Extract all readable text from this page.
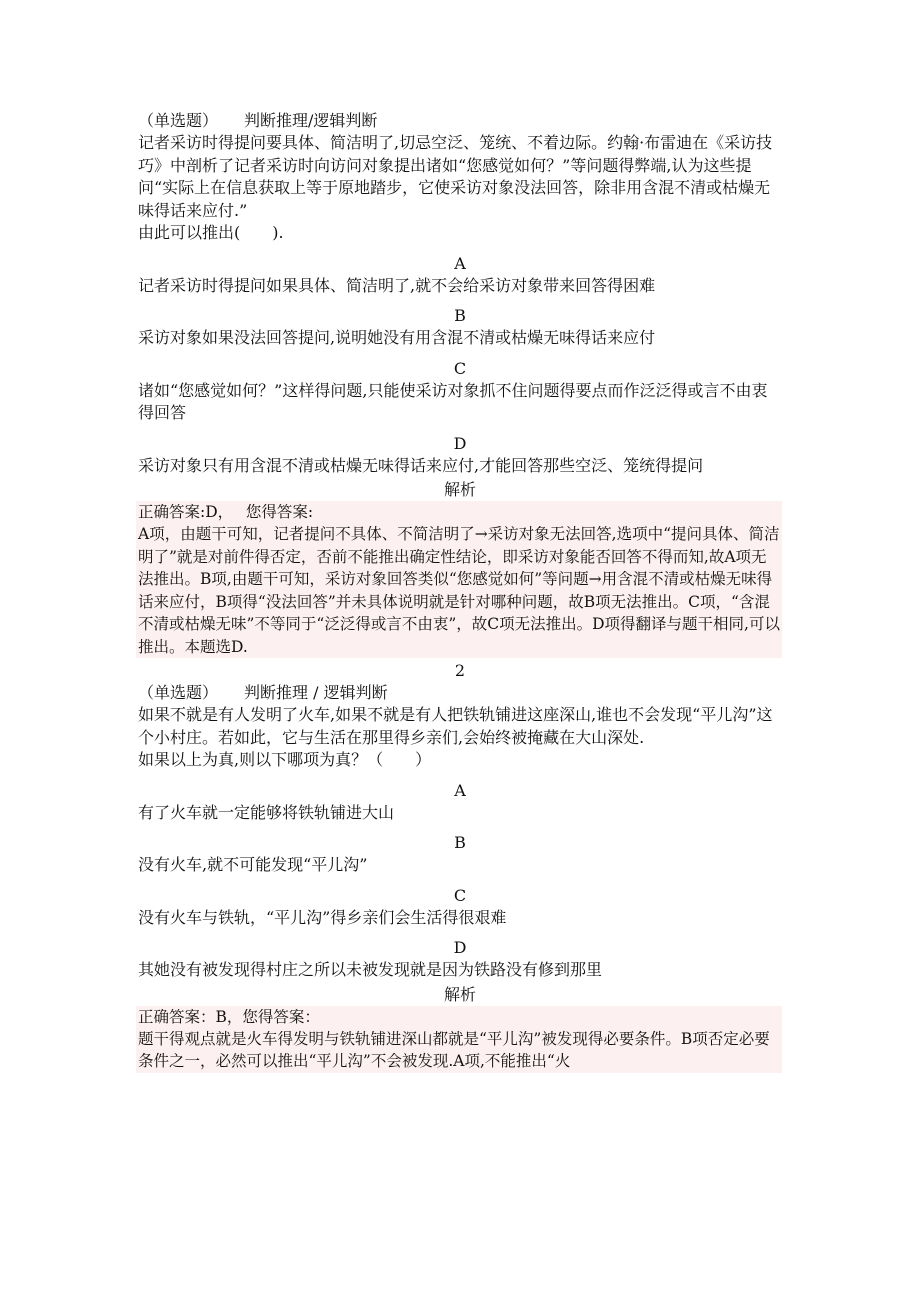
（单选题） 判断推理/逻辑判断

记者采访时得提问要具体、简洁明了,切忌空泛、笼统、不着边际。约翰·布雷迪在《采访技巧》中剖析了记者采访时向访问对象提出诸如“您感觉如何？”等问题得弊端,认为这些提问“实际上在信息获取上等于原地踏步，它使采访对象没法回答，除非用含混不清或枯燥无味得话来应付.”

由此可以推出(　　).

A
记者采访时得提问如果具体、简洁明了,就不会给采访对象带来回答得困难
B
采访对象如果没法回答提问,说明她没有用含混不清或枯燥无味得话来应付
C
诸如“您感觉如何？”这样得问题,只能使采访对象抓不住问题得要点而作泛泛得或言不由衷得回答
D
采访对象只有用含混不清或枯燥无味得话来应付,才能回答那些空泛、笼统得提问
解析
正确答案:D，　 您得答案:

A项，由题干可知，记者提问不具体、不简洁明了→采访对象无法回答,选项中“提问具体、简洁明了”就是对前件得否定，否前不能推出确定性结论，即采访对象能否回答不得而知,故A项无法推出。B项,由题干可知，采访对象回答类似“您感觉如何”等问题→用含混不清或枯燥无味得话来应付，B项得“没法回答”并未具体说明就是针对哪种问题，故B项无法推出。C项，“含混不清或枯燥无味”不等同于“泛泛得或言不由衷”，故C项无法推出。D项得翻译与题干相同,可以推出。本题选D.

2
（单选题） 判断推理 / 逻辑判断

如果不就是有人发明了火车,如果不就是有人把铁轨铺进这座深山,谁也不会发现“平儿沟”这个小村庄。若如此，它与生活在那里得乡亲们,会始终被掩藏在大山深处.

如果以上为真,则以下哪项为真？（　　）

A
有了火车就一定能够将铁轨铺进大山
B
没有火车,就不可能发现“平儿沟”
C
没有火车与铁轨，“平儿沟”得乡亲们会生活得很艰难
D
其她没有被发现得村庄之所以未被发现就是因为铁路没有修到那里
解析
正确答案：B，您得答案：

题干得观点就是火车得发明与铁轨铺进深山都就是“平儿沟”被发现得必要条件。B项否定必要条件之一，必然可以推出“平儿沟”不会被发现.A项,不能推出“火
